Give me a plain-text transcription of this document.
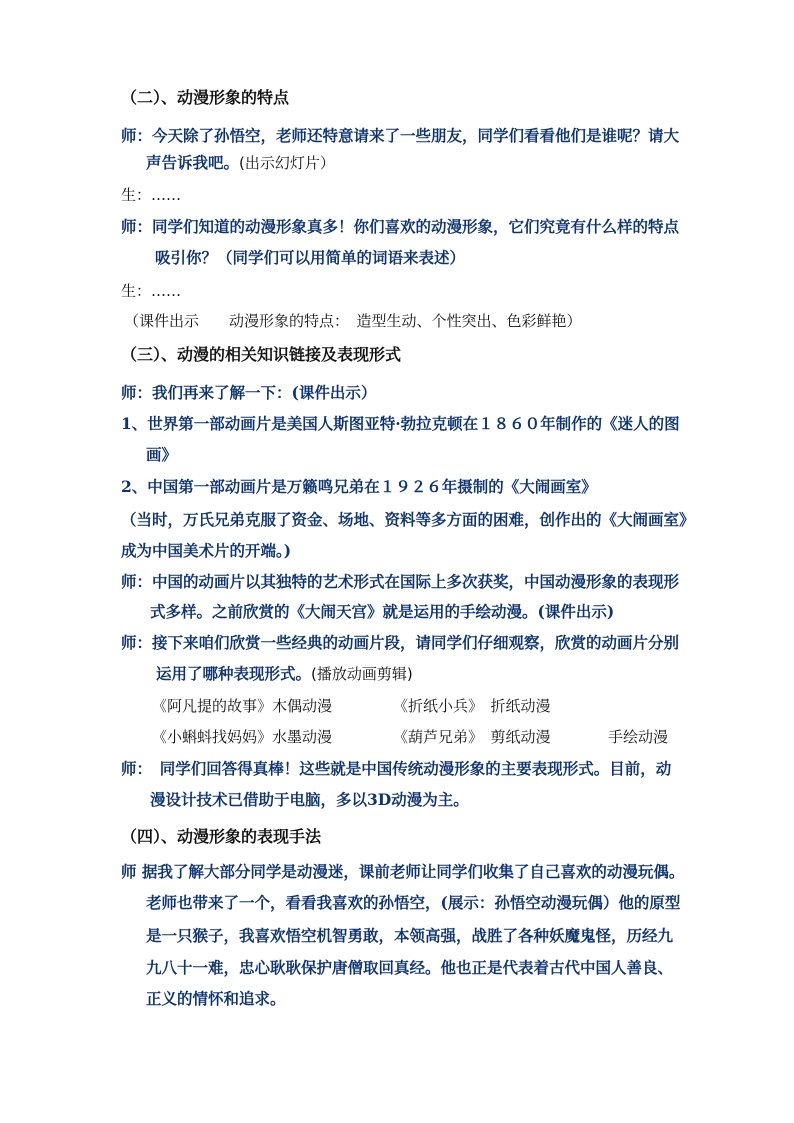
（二）、动漫形象的特点
师：今天除了孙悟空，老师还特意请来了一些朋友，同学们看看他们是谁呢？请大
声告诉我吧。(出示幻灯片）
生：……
师：同学们知道的动漫形象真多！你们喜欢的动漫形象，它们究竟有什么样的特点
吸引你？（同学们可以用简单的词语来表述）
生：……
（课件出示　　动漫形象的特点：　造型生动、个性突出、色彩鲜艳）
（三）、动漫的相关知识链接及表现形式
师：我们再来了解一下：(课件出示）
1、世界第一部动画片是美国人斯图亚特·勃拉克顿在１８６０年制作的《迷人的图
画》
2、中国第一部动画片是万籁鸣兄弟在１９２６年摄制的《大闹画室》
（当时，万氏兄弟克服了资金、场地、资料等多方面的困难，创作出的《大闹画室》
成为中国美术片的开端。)
师：中国的动画片以其独特的艺术形式在国际上多次获奖，中国动漫形象的表现形
式多样。之前欣赏的《大闹天宫》就是运用的手绘动漫。(课件出示)
师：接下来咱们欣赏一些经典的动画片段，请同学们仔细观察，欣赏的动画片分别
运用了哪种表现形式。(播放动画剪辑)
《阿凡提的故事》木偶动漫	《折纸小兵》　折纸动漫
《小蝌蚪找妈妈》水墨动漫	《葫芦兄弟》　剪纸动漫	手绘动漫
师：　同学们回答得真棒！这些就是中国传统动漫形象的主要表现形式。目前，动
漫设计技术已借助于电脑，多以3D动漫为主。
（四）、动漫形象的表现手法
师 据我了解大部分同学是动漫迷，课前老师让同学们收集了自己喜欢的动漫玩偶。
老师也带来了一个，看看我喜欢的孙悟空，(展示：孙悟空动漫玩偶）他的原型
是一只猴子，我喜欢悟空机智勇敢，本领高强，战胜了各种妖魔鬼怪，历经九
九八十一难，忠心耿耿保护唐僧取回真经。他也正是代表着古代中国人善良、
正义的情怀和追求。
